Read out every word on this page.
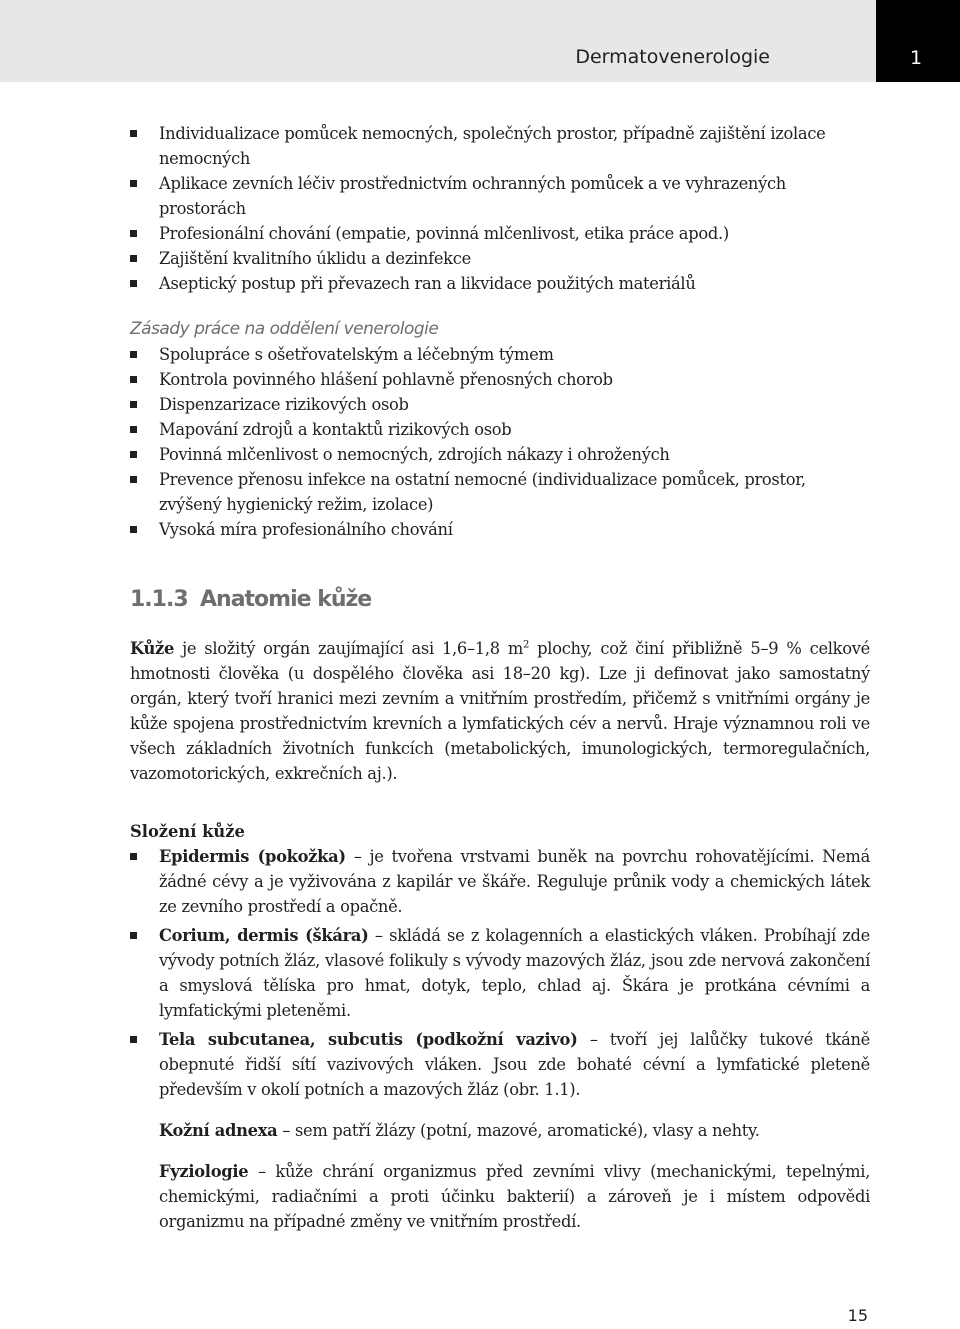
Dermatovenerologie	1
Individualizace pomůcek nemocných, společných prostor, případně zajištění izolace nemocných
Aplikace zevních léčiv prostřednictvím ochranných pomůcek a ve vyhrazených prostorách
Profesionální chování (empatie, povinná mlčenlivost, etika práce apod.)
Zajištění kvalitního úklidu a dezinfekce
Aseptický postup při převazech ran a likvidace použitých materiálů

Zásady práce na oddělení venerologie

Spolupráce s ošetřovatelským a léčebným týmem
Kontrola povinného hlášení pohlavně přenosných chorob
Dispenzarizace rizikových osob
Mapování zdrojů a kontaktů rizikových osob
Povinná mlčenlivost o nemocných, zdrojích nákazy i ohrožených
Prevence přenosu infekce na ostatní nemocné (individualizace pomůcek, prostor, zvýšený hygienický režim, izolace)
Vysoká míra profesionálního chování
1.1.3 Anatomie kůže

Kůže je složitý orgán zaujímající asi 1,6–1,8 $m^2$ plochy, což činí přibližně 5–9 % celkové hmotnosti člověka (u dospělého člověka asi 18–20 kg). Lze ji definovat jako samostatný orgán, který tvoří hranici mezi zevním a vnitřním prostředím, přičemž s vnitřními orgány je kůže spojena prostřednictvím krevních a lymfatických cév a nervů. Hraje významnou roli ve všech základních životních funkcích (metabolických, imunologických, termoregulačních, vazomotorických, exkrečních aj.).

Složení kůže
Epidermis (pokožka) – je tvořena vrstvami buněk na povrchu rohovatějícími. Nemá žádné cévy a je vyživována z kapilár ve škáře. Reguluje průnik vody a chemických látek ze zevního prostředí a opačně.
Corium, dermis (škára) – skládá se z kolagenních a elastických vláken. Probíhají zde vývody potních žláz, vlasové folikuly s vývody mazových žláz, jsou zde nervová zakončení a smyslová tělíska pro hmat, dotyk, teplo, chlad aj. Škára je protkána cévními a lymfatickými pleteněmi.
Tela subcutanea, subcutis (podkožní vazivo) – tvoří jej lalůčky tukové tkáně obepnuté řidší sítí vazivových vláken. Jsou zde bohaté cévní a lymfatické pleteně především v okolí potních a mazových žláz (obr. 1.1).

Kožní adnexa – sem patří žlázy (potní, mazové, aromatické), vlasy a nehty.

Fyziologie – kůže chrání organizmus před zevními vlivy (mechanickými, tepelnými, chemickými, radiačními a proti účinku bakterií) a zároveň je i místem odpovědi organizmu na případné změny ve vnitřním prostředí.

15
